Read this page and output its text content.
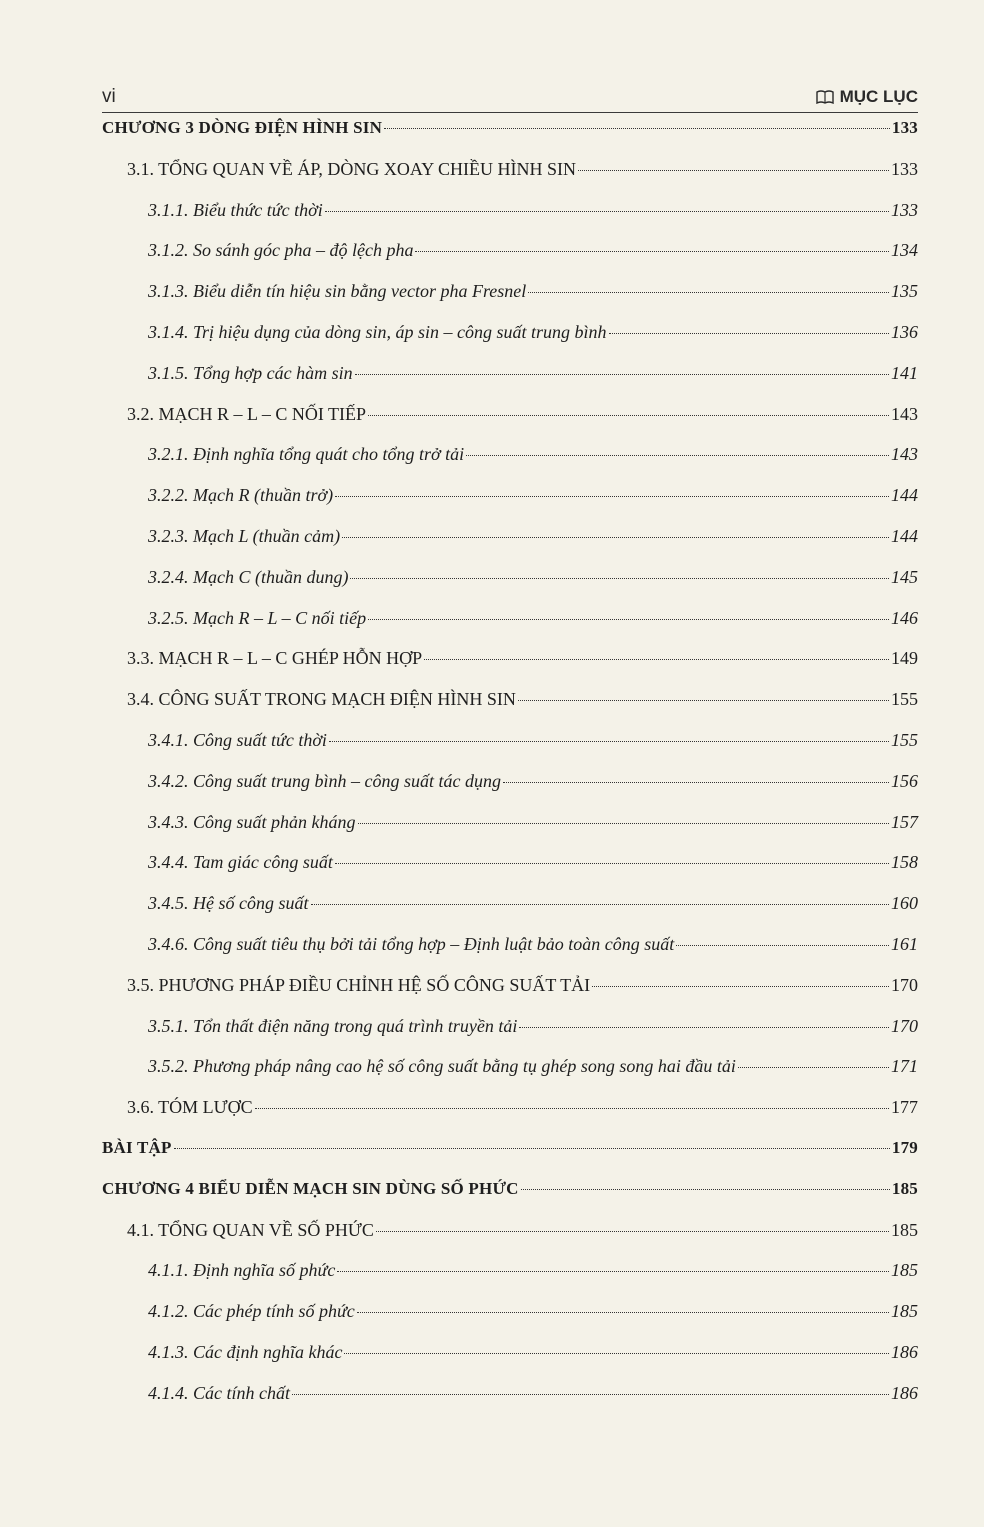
vi	MỤC LỤC
CHƯƠNG 3 DÒNG ĐIỆN HÌNH SIN	133
3.1. TỔNG QUAN VỀ ÁP, DÒNG XOAY CHIỀU HÌNH SIN	133
3.1.1. Biểu thức tức thời	133
3.1.2. So sánh góc pha – độ lệch pha	134
3.1.3. Biểu diễn tín hiệu sin bằng vector pha Fresnel	135
3.1.4. Trị hiệu dụng của dòng sin, áp sin – công suất trung bình	136
3.1.5. Tổng hợp các hàm sin	141
3.2. MẠCH R – L – C NỐI TIẾP	143
3.2.1. Định nghĩa tổng quát cho tổng trở tải	143
3.2.2. Mạch R (thuần trở)	144
3.2.3. Mạch L (thuần cảm)	144
3.2.4. Mạch C (thuần dung)	145
3.2.5. Mạch R – L – C nối tiếp	146
3.3. MẠCH R – L – C GHÉP HỖN HỢP	149
3.4. CÔNG SUẤT TRONG MẠCH ĐIỆN HÌNH SIN	155
3.4.1. Công suất tức thời	155
3.4.2. Công suất trung bình – công suất tác dụng	156
3.4.3. Công suất phản kháng	157
3.4.4. Tam giác công suất	158
3.4.5. Hệ số công suất	160
3.4.6. Công suất tiêu thụ bởi tải tổng hợp – Định luật bảo toàn công suất	161
3.5. PHƯƠNG PHÁP ĐIỀU CHỈNH HỆ SỐ CÔNG SUẤT TẢI	170
3.5.1. Tổn thất điện năng trong quá trình truyền tải	170
3.5.2. Phương pháp nâng cao hệ số công suất bằng tụ ghép song song hai đầu tải	171
3.6. TÓM LƯỢC	177
BÀI TẬP	179
CHƯƠNG 4 BIỂU DIỄN MẠCH SIN DÙNG SỐ PHỨC	185
4.1. TỔNG QUAN VỀ SỐ PHỨC	185
4.1.1. Định nghĩa số phức	185
4.1.2. Các phép tính số phức	185
4.1.3. Các định nghĩa khác	186
4.1.4. Các tính chất	186
